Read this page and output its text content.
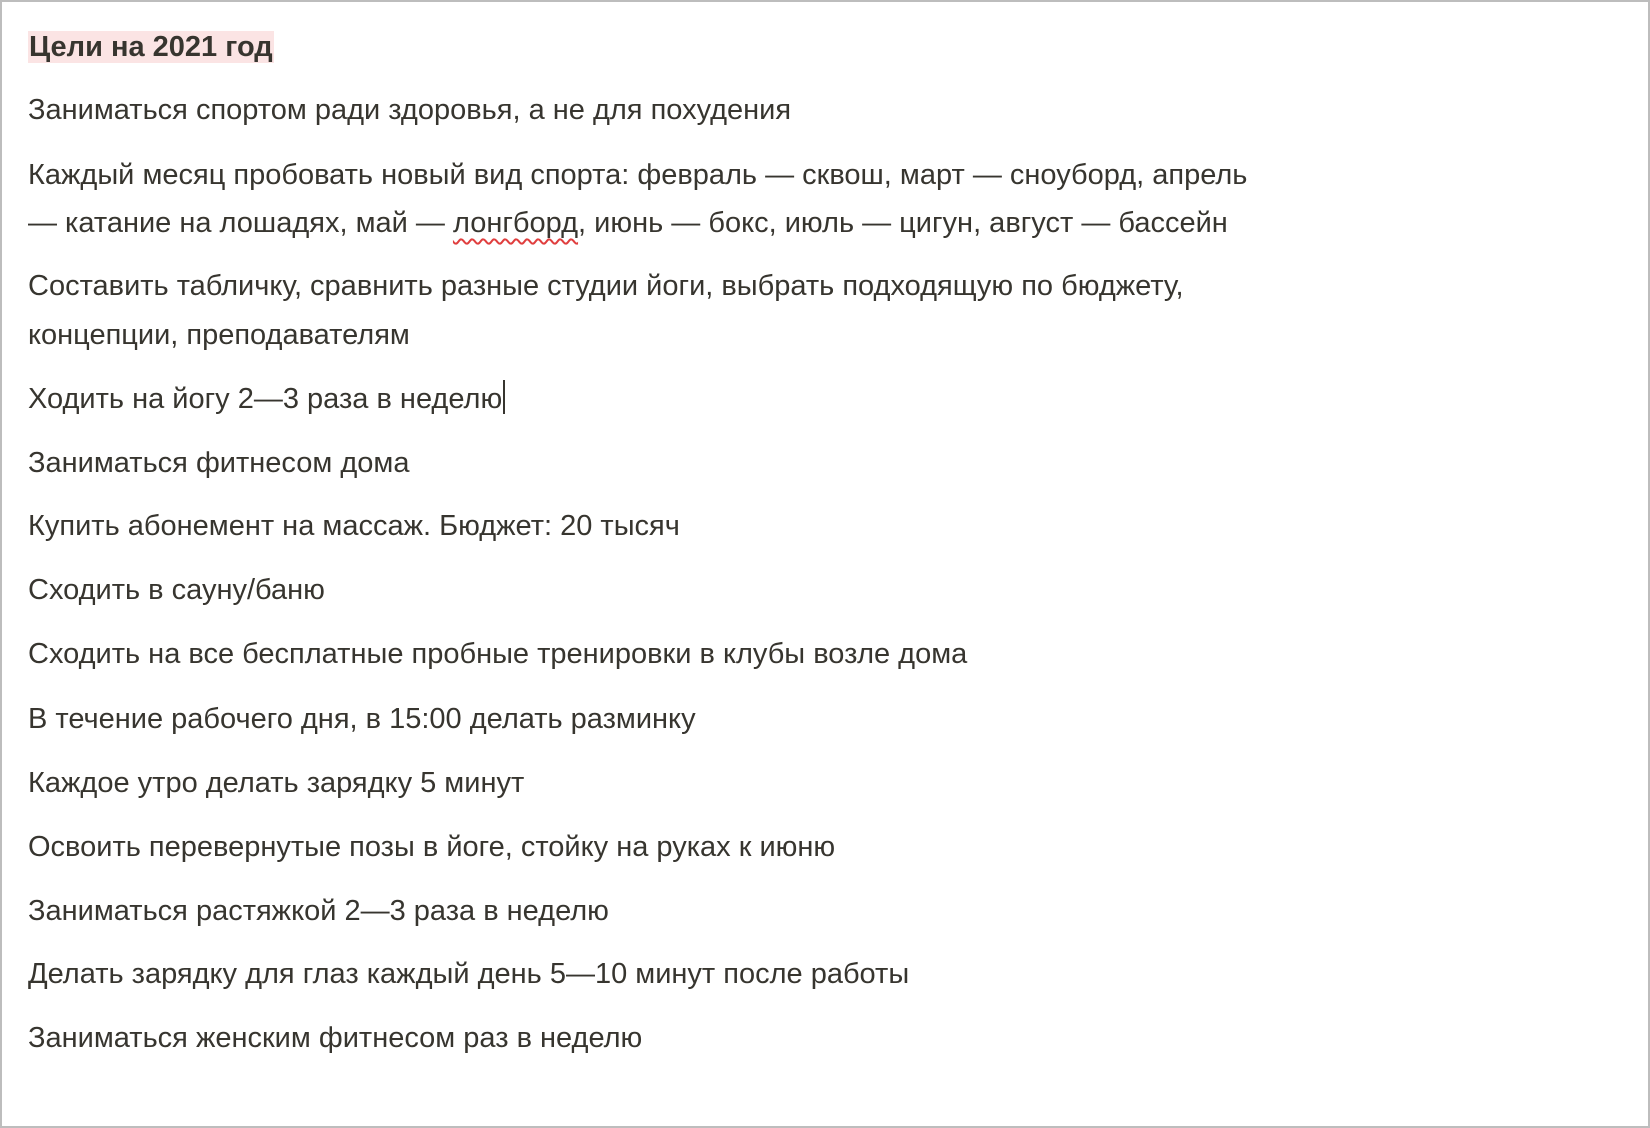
Цели на 2021 год
Заниматься спортом ради здоровья, а не для похудения
Каждый месяц пробовать новый вид спорта: февраль — сквош, март — сноуборд, апрель
— катание на лошадях, май — лонгборд, июнь — бокс, июль — цигун, август — бассейн
Составить табличку, сравнить разные студии йоги, выбрать подходящую по бюджету,
концепции, преподавателям
Ходить на йогу 2—3 раза в неделю
Заниматься фитнесом дома
Купить абонемент на массаж. Бюджет: 20 тысяч
Сходить в сауну/баню
Сходить на все бесплатные пробные тренировки в клубы возле дома
В течение рабочего дня, в 15:00 делать разминку
Каждое утро делать зарядку 5 минут
Освоить перевернутые позы в йоге, стойку на руках к июню
Заниматься растяжкой 2—3 раза в неделю
Делать зарядку для глаз каждый день 5—10 минут после работы
Заниматься женским фитнесом раз в неделю
